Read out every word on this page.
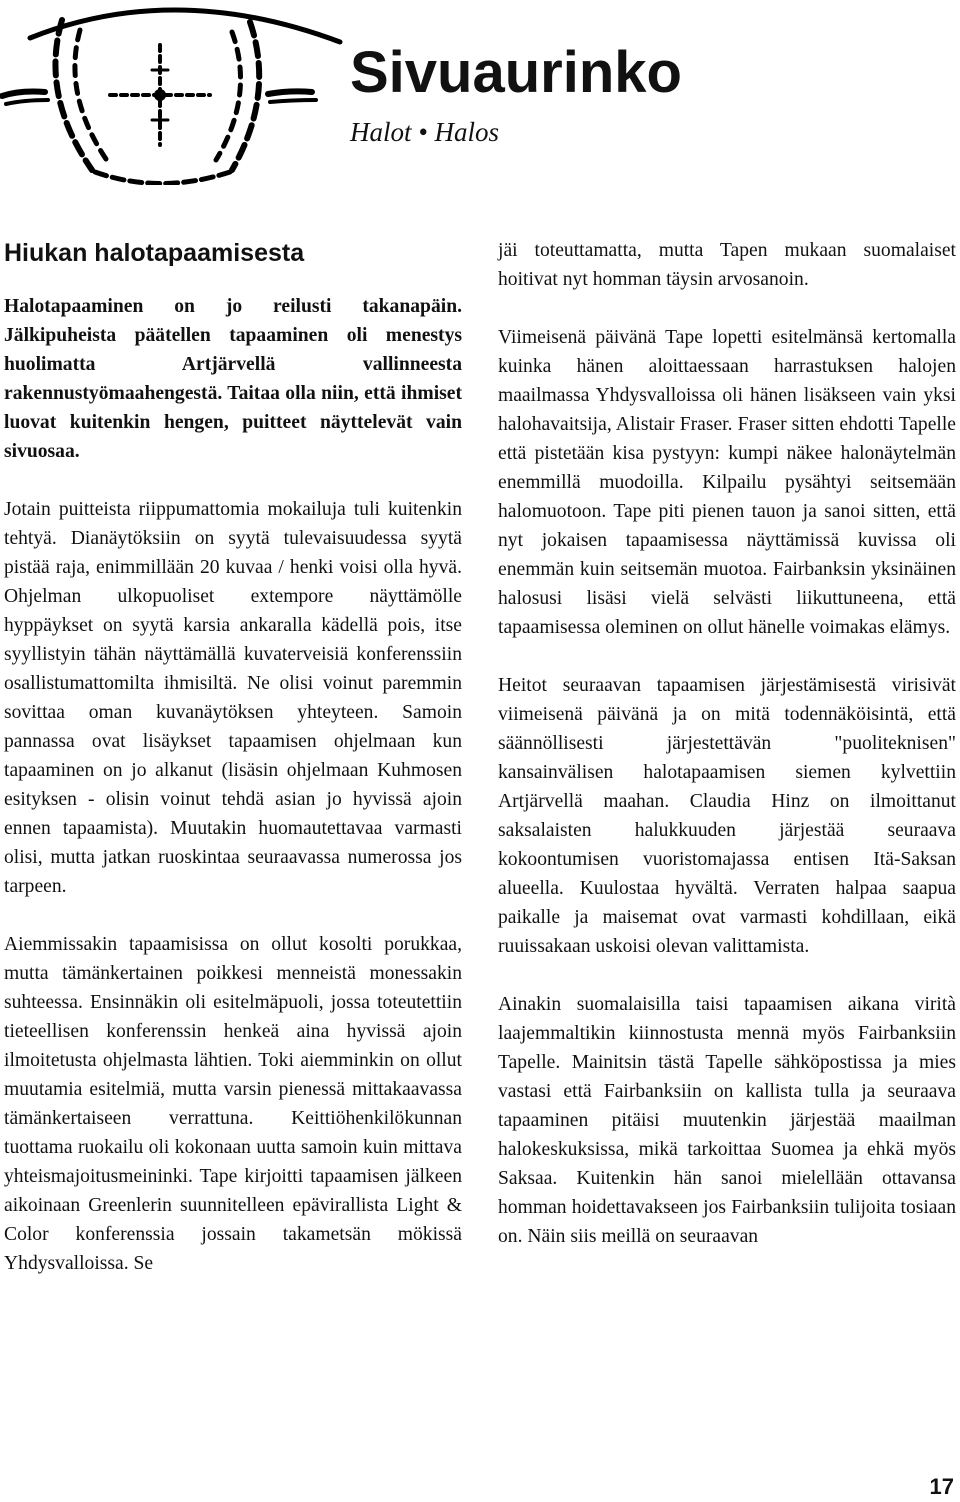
Sivuaurinko

Halot • Halos

Hiukan halotapaamisesta

Halotapaaminen on jo reilusti takanapäin. Jälkipuheista päätellen tapaaminen oli menestys huolimatta Artjärvellä vallinneesta rakennustyömaahengestä. Taitaa olla niin, että ihmiset luovat kuitenkin hengen, puitteet näyttelevät vain sivuosaa.

Jotain puitteista riippumattomia mokailuja tuli kuitenkin tehtyä. Dianäytöksiin on syytä tulevaisuudessa syytä pistää raja, enimmillään 20 kuvaa / henki voisi olla hyvä. Ohjelman ulkopuoliset extempore näyttämölle hyppäykset on syytä karsia ankaralla kädellä pois, itse syyllistyin tähän näyttämällä kuvaterveisiä konferenssiin osallistumattomilta ihmisiltä. Ne olisi voinut paremmin sovittaa oman kuvanäytöksen yhteyteen. Samoin pannassa ovat lisäykset tapaamisen ohjelmaan kun tapaaminen on jo alkanut (lisäsin ohjelmaan Kuhmosen esityksen - olisin voinut tehdä asian jo hyvissä ajoin ennen tapaamista). Muutakin huomautettavaa varmasti olisi, mutta jatkan ruoskintaa seuraavassa numerossa jos tarpeen.

Aiemmissakin tapaamisissa on ollut kosolti porukkaa, mutta tämänkertainen poikkesi menneistä monessakin suhteessa. Ensinnäkin oli esitelmäpuoli, jossa toteutettiin tieteellisen konferenssin henkeä aina hyvissä ajoin ilmoitetusta ohjelmasta lähtien. Toki aiemminkin on ollut muutamia esitelmiä, mutta varsin pienessä mittakaavassa tämänkertaiseen verrattuna. Keittiöhenkilökunnan tuottama ruokailu oli kokonaan uutta samoin kuin mittava yhteismajoitusmeininki. Tape kirjoitti tapaamisen jälkeen aikoinaan Greenlerin suunnitelleen epävirallista Light & Color konferenssia jossain takametsän mökissä Yhdysvalloissa. Se

jäi toteuttamatta, mutta Tapen mukaan suomalaiset hoitivat nyt homman täysin arvosanoin.

Viimeisenä päivänä Tape lopetti esitelmänsä kertomalla kuinka hänen aloittaessaan harrastuksen halojen maailmassa Yhdysvalloissa oli hänen lisäkseen vain yksi halohavaitsija, Alistair Fraser. Fraser sitten ehdotti Tapelle että pistetään kisa pystyyn: kumpi näkee halonäytelmän enemmillä muodoilla. Kilpailu pysähtyi seitsemään halomuotoon. Tape piti pienen tauon ja sanoi sitten, että nyt jokaisen tapaamisessa näyttämissä kuvissa oli enemmän kuin seitsemän muotoa. Fairbanksin yksinäinen halosusi lisäsi vielä selvästi liikuttuneena, että tapaamisessa oleminen on ollut hänelle voimakas elämys.

Heitot seuraavan tapaamisen järjestämisestä virisivät viimeisenä päivänä ja on mitä todennäköisintä, että säännöllisesti järjestettävän "puoliteknisen" kansainvälisen halotapaamisen siemen kylvettiin Artjärvellä maahan. Claudia Hinz on ilmoittanut saksalaisten halukkuuden järjestää seuraava kokoontumisen vuoristomajassa entisen Itä-Saksan alueella. Kuulostaa hyvältä. Verraten halpaa saapua paikalle ja maisemat ovat varmasti kohdillaan, eikä ruuissakaan uskoisi olevan valittamista.

Ainakin suomalaisilla taisi tapaamisen aikana virità laajemmaltikin kiinnostusta mennä myös Fairbanksiin Tapelle. Mainitsin tästä Tapelle sähköpostissa ja mies vastasi että Fairbanksiin on kallista tulla ja seuraava tapaaminen pitäisi muutenkin järjestää maailman halokeskuksissa, mikä tarkoittaa Suomea ja ehkä myös Saksaa. Kuitenkin hän sanoi mielellään ottavansa homman hoidettavakseen jos Fairbanksiin tulijoita tosiaan on. Näin siis meillä on seuraavan

17
